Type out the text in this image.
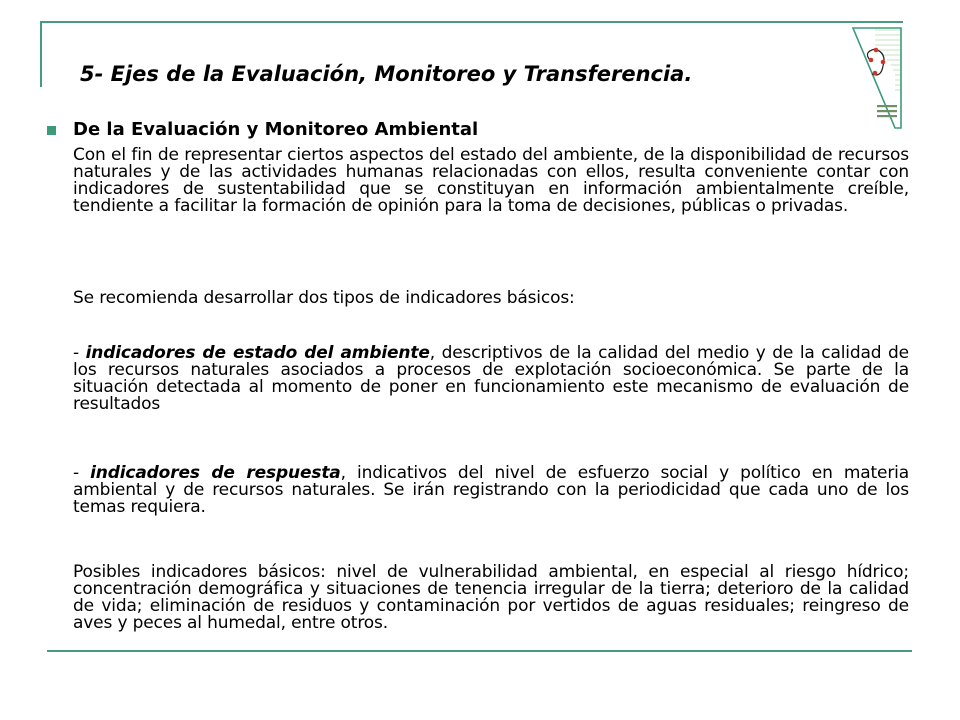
5- Ejes de la Evaluación, Monitoreo y Transferencia.
De la Evaluación y Monitoreo Ambiental
Con el fin de representar ciertos aspectos del estado del ambiente, de la disponibilidad de recursos naturales y de las actividades humanas relacionadas con ellos, resulta conveniente contar con indicadores de sustentabilidad que se constituyan en información ambientalmente creíble, tendiente a facilitar la formación de opinión para la toma de decisiones, públicas o privadas.
Se recomienda desarrollar dos tipos de indicadores básicos:
- indicadores de estado del ambiente, descriptivos de la calidad del medio y de la calidad de los recursos naturales asociados a procesos de explotación socioeconómica. Se parte de la situación detectada al momento de poner en funcionamiento este mecanismo de evaluación de resultados
- indicadores de respuesta, indicativos del nivel de esfuerzo social y político en materia ambiental y de recursos naturales. Se irán registrando con la periodicidad que cada uno de los temas requiera.
Posibles indicadores básicos: nivel de vulnerabilidad ambiental, en especial al riesgo hídrico; concentración demográfica y situaciones de tenencia irregular de la tierra; deterioro de la calidad de vida; eliminación de residuos y contaminación por vertidos de aguas residuales; reingreso de aves y peces al humedal, entre otros.
